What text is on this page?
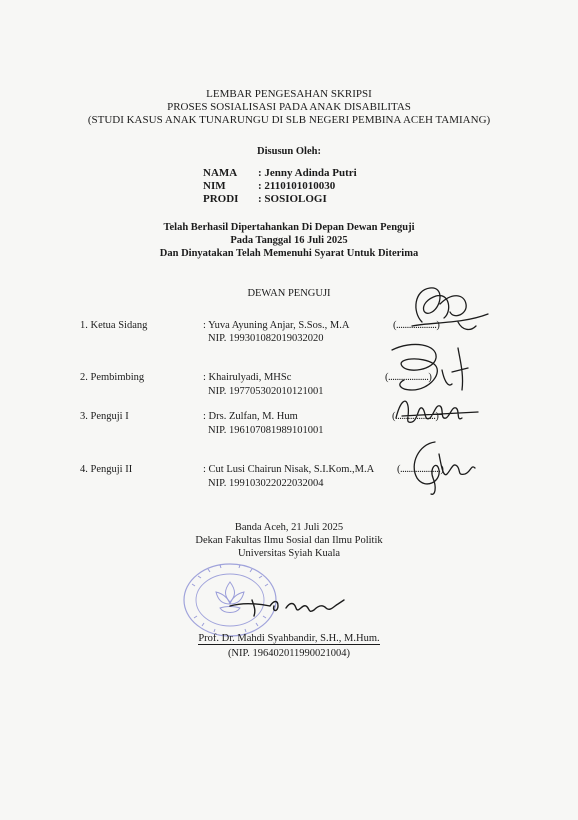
LEMBAR PENGESAHAN SKRIPSI
PROSES SOSIALISASI PADA ANAK DISABILITAS
(STUDI KASUS ANAK TUNARUNGU DI SLB NEGERI PEMBINA ACEH TAMIANG)
Disusun Oleh:
NAMA : Jenny Adinda Putri
NIM	: 2110101010030
PRODI : SOSIOLOGI
Telah Berhasil Dipertahankan Di Depan Dewan Penguji
Pada Tanggal 16 Juli 2025
Dan Dinyatakan Telah Memenuhi Syarat Untuk Diterima
DEWAN PENGUJI
1. Ketua Sidang	: Yuva Ayuning Anjar, S.Sos., M.A
NIP. 199301082019032020
(...................)
2. Pembimbing	: Khairulyadi, MHSc
NIP. 197705302010121001
(...................)
3. Penguji I	: Drs. Zulfan, M. Hum
NIP. 196107081989101001
(...................)
4. Penguji II	: Cut Lusi Chairun Nisak, S.I.Kom.,M.A
NIP. 199103022022032004
(...................)
Banda Aceh, 21 Juli 2025
Dekan Fakultas Ilmu Sosial dan Ilmu Politik
Universitas Syiah Kuala
Prof. Dr. Mahdi Syahbandir, S.H., M.Hum.
(NIP. 196402011990021004)
